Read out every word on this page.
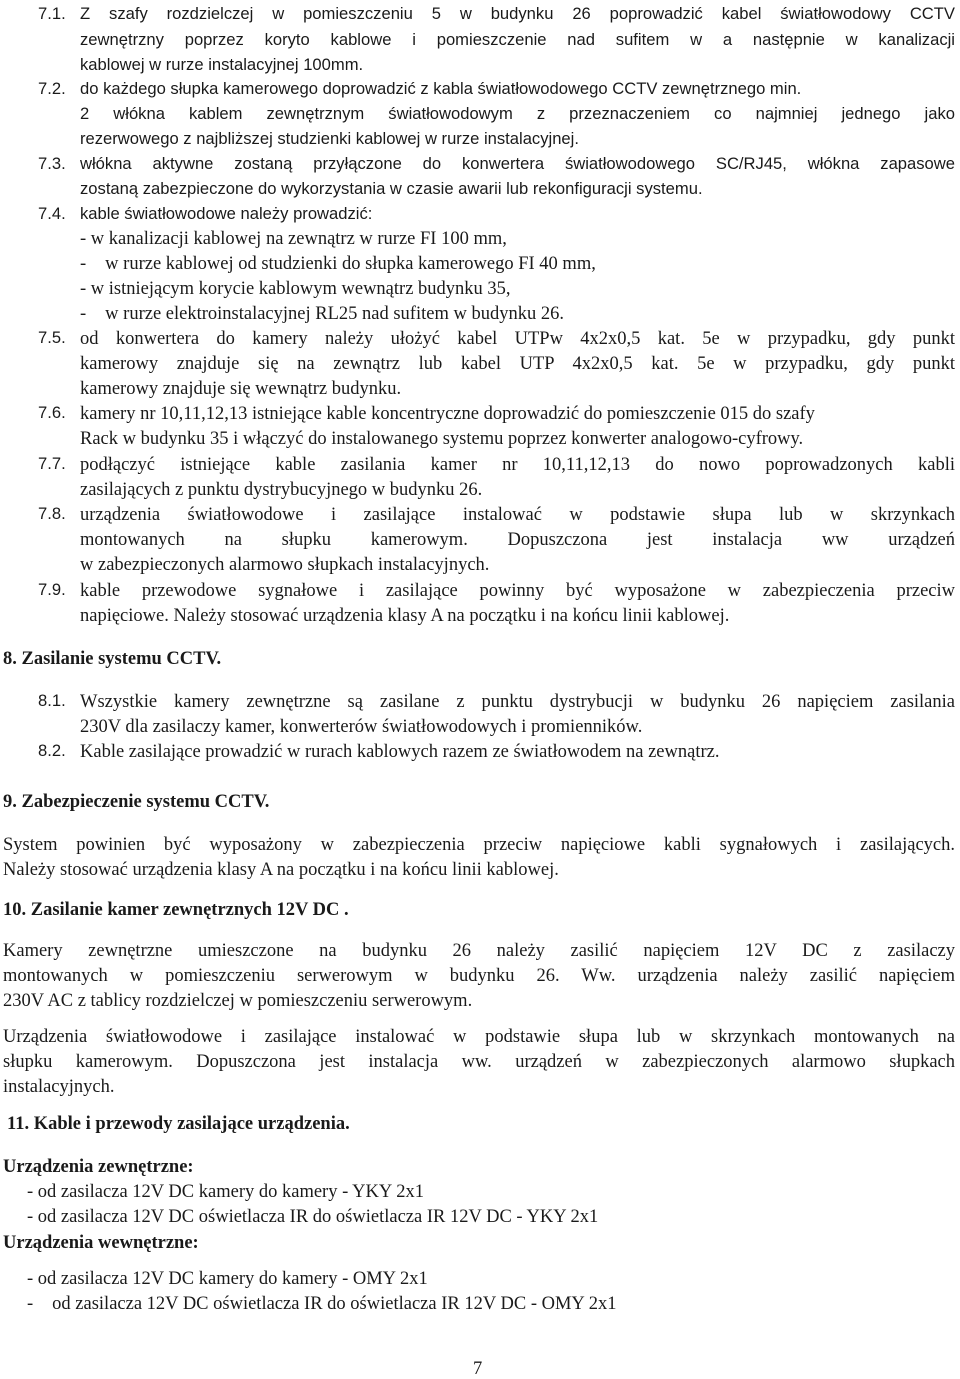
7.1. Z szafy rozdzielczej w pomieszczeniu 5 w budynku 26 poprowadzić kabel światłowodowy CCTV
zewnętrzny poprzez koryto kablowe i pomieszczenie nad sufitem w a następnie w kanalizacji
kablowej w rurze instalacyjnej 100mm.
7.2. do każdego słupka kamerowego doprowadzić z kabla światłowodowego CCTV zewnętrznego min.
2 włókna kablem zewnętrznym światłowodowym z przeznaczeniem co najmniej jednego jako
rezerwowego z najbliższej studzienki kablowej w rurze instalacyjnej.
7.3. włókna aktywne zostaną przyłączone do konwertera światłowodowego SC/RJ45, włókna zapasowe
zostaną zabezpieczone do wykorzystania w czasie awarii lub rekonfiguracji systemu.
7.4. kable światłowodowe należy prowadzić:
- w kanalizacji kablowej na zewnątrz w rurze FI 100 mm,
- w rurze kablowej od studzienki do słupka kamerowego FI 40 mm,
- w istniejącym korycie kablowym wewnątrz budynku 35,
- w rurze elektroinstalacyjnej RL25 nad sufitem w budynku 26.
7.5. od konwertera do kamery należy ułożyć kabel UTPw 4x2x0,5 kat. 5e w przypadku, gdy punkt
kamerowy znajduje się na zewnątrz lub kabel UTP 4x2x0,5 kat. 5e w przypadku, gdy punkt
kamerowy znajduje się wewnątrz budynku.
7.6. kamery nr 10,11,12,13 istniejące kable koncentryczne doprowadzić do pomieszczenie 015 do szafy
Rack w budynku 35 i włączyć do instalowanego systemu poprzez konwerter analogowo-cyfrowy.
7.7. podłączyć istniejące kable zasilania kamer nr 10,11,12,13 do nowo poprowadzonych kabli
zasilających z punktu dystrybucyjnego w budynku 26.
7.8. urządzenia światłowodowe i zasilające instalować w podstawie słupa lub w skrzynkach
montowanych na słupku kamerowym. Dopuszczona jest instalacja ww urządzeń
w zabezpieczonych alarmowo słupkach instalacyjnych.
7.9. kable przewodowe sygnałowe i zasilające powinny być wyposażone w zabezpieczenia przeciw
napięciowe. Należy stosować urządzenia klasy A na początku i na końcu linii kablowej.
8. Zasilanie systemu CCTV.
8.1. Wszystkie kamery zewnętrzne są zasilane z punktu dystrybucji w budynku 26 napięciem zasilania
230V dla zasilaczy kamer, konwerterów światłowodowych i promienników.
8.2. Kable zasilające prowadzić w rurach kablowych razem ze światłowodem na zewnątrz.
9. Zabezpieczenie systemu CCTV.
System powinien być wyposażony w zabezpieczenia przeciw napięciowe kabli sygnałowych i zasilających.
Należy stosować urządzenia klasy A na początku i na końcu linii kablowej.
10. Zasilanie kamer zewnętrznych 12V DC .
Kamery zewnętrzne umieszczone na budynku 26 należy zasilić napięciem 12V DC z zasilaczy
montowanych w pomieszczeniu serwerowym w budynku 26. Ww. urządzenia należy zasilić napięciem
230V AC z tablicy rozdzielczej w pomieszczeniu serwerowym.
Urządzenia światłowodowe i zasilające instalować w podstawie słupa lub w skrzynkach montowanych na
słupku kamerowym. Dopuszczona jest instalacja ww. urządzeń w zabezpieczonych alarmowo słupkach
instalacyjnych.
11. Kable i przewody zasilające urządzenia.
Urządzenia zewnętrzne:
- od zasilacza 12V DC kamery do kamery - YKY 2x1
- od zasilacza 12V DC oświetlacza IR do oświetlacza IR 12V DC - YKY 2x1
Urządzenia wewnętrzne:
- od zasilacza 12V DC kamery do kamery - OMY 2x1
- od zasilacza 12V DC oświetlacza IR do oświetlacza IR 12V DC - OMY 2x1
7
